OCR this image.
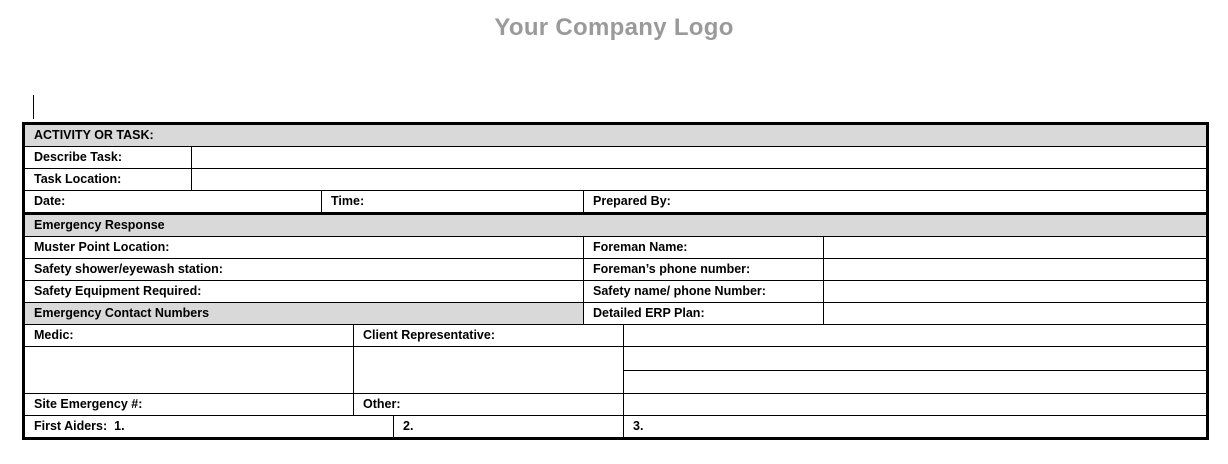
Your Company Logo
ACTIVITY OR TASK:							
Describe Task:							
Task Location:							
Date:		Time:			Prepared By:		
Emergency Response							
Muster Point Location:					Foreman Name:		
Safety shower/eyewash station:					Foreman’s phone number:		
Safety Equipment Required:					Safety name/ phone Number:		
Emergency Contact Numbers					Detailed ERP Plan:		
Medic:			Client Representative:				

Site Emergency #:			Other:				
First Aiders: 1.				2.		3.	
